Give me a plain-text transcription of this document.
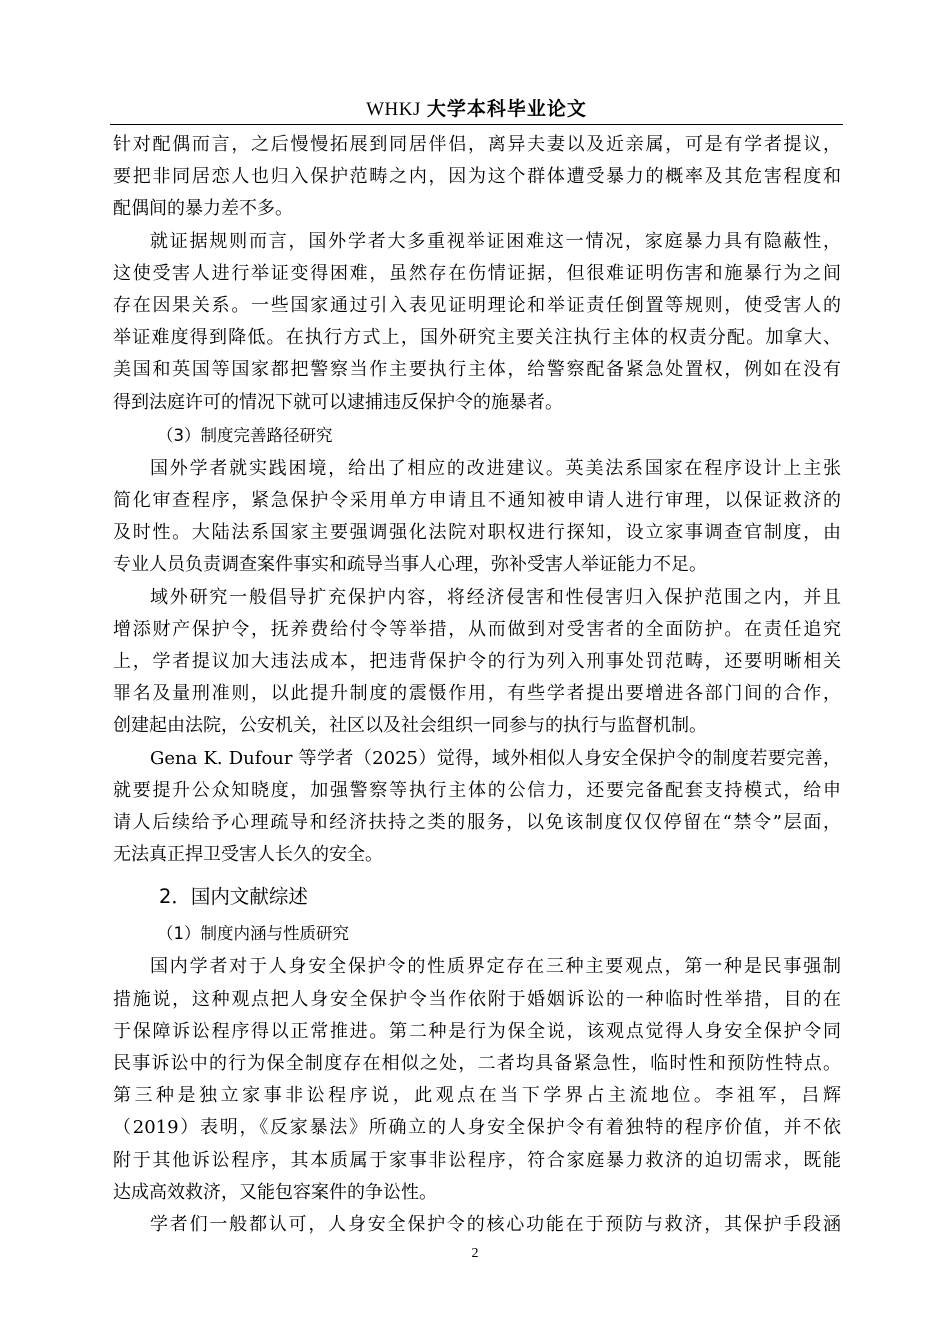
WHKJ 大学本科毕业论文

针对配偶而言，之后慢慢拓展到同居伴侣，离异夫妻以及近亲属，可是有学者提议，
要把非同居恋人也归入保护范畴之内，因为这个群体遭受暴力的概率及其危害程度和
配偶间的暴力差不多。

就证据规则而言，国外学者大多重视举证困难这一情况，家庭暴力具有隐蔽性，
这使受害人进行举证变得困难，虽然存在伤情证据，但很难证明伤害和施暴行为之间
存在因果关系。一些国家通过引入表见证明理论和举证责任倒置等规则，使受害人的
举证难度得到降低。在执行方式上，国外研究主要关注执行主体的权责分配。加拿大、
美国和英国等国家都把警察当作主要执行主体，给警察配备紧急处置权，例如在没有
得到法庭许可的情况下就可以逮捕违反保护令的施暴者。

（3）制度完善路径研究

国外学者就实践困境，给出了相应的改进建议。英美法系国家在程序设计上主张
简化审查程序，紧急保护令采用单方申请且不通知被申请人进行审理，以保证救济的
及时性。大陆法系国家主要强调强化法院对职权进行探知，设立家事调查官制度，由
专业人员负责调查案件事实和疏导当事人心理，弥补受害人举证能力不足。

域外研究一般倡导扩充保护内容，将经济侵害和性侵害归入保护范围之内，并且
增添财产保护令，抚养费给付令等举措，从而做到对受害者的全面防护。在责任追究
上，学者提议加大违法成本，把违背保护令的行为列入刑事处罚范畴，还要明晰相关
罪名及量刑准则，以此提升制度的震慑作用，有些学者提出要增进各部门间的合作，
创建起由法院，公安机关，社区以及社会组织一同参与的执行与监督机制。

Gena K. Dufour 等学者（2025）觉得，域外相似人身安全保护令的制度若要完善，
就要提升公众知晓度，加强警察等执行主体的公信力，还要完备配套支持模式，给申
请人后续给予心理疏导和经济扶持之类的服务，以免该制度仅仅停留在“禁令”层面，
无法真正捍卫受害人长久的安全。

2．国内文献综述
（1）制度内涵与性质研究

国内学者对于人身安全保护令的性质界定存在三种主要观点，第一种是民事强制
措施说，这种观点把人身安全保护令当作依附于婚姻诉讼的一种临时性举措，目的在
于保障诉讼程序得以正常推进。第二种是行为保全说，该观点觉得人身安全保护令同
民事诉讼中的行为保全制度存在相似之处，二者均具备紧急性，临时性和预防性特点。
第三种是独立家事非讼程序说，此观点在当下学界占主流地位。李祖军，吕辉
（2019）表明，《反家暴法》所确立的人身安全保护令有着独特的程序价值，并不依
附于其他诉讼程序，其本质属于家事非讼程序，符合家庭暴力救济的迫切需求，既能
达成高效救济，又能包容案件的争讼性。

学者们一般都认可，人身安全保护令的核心功能在于预防与救济，其保护手段涵

2
